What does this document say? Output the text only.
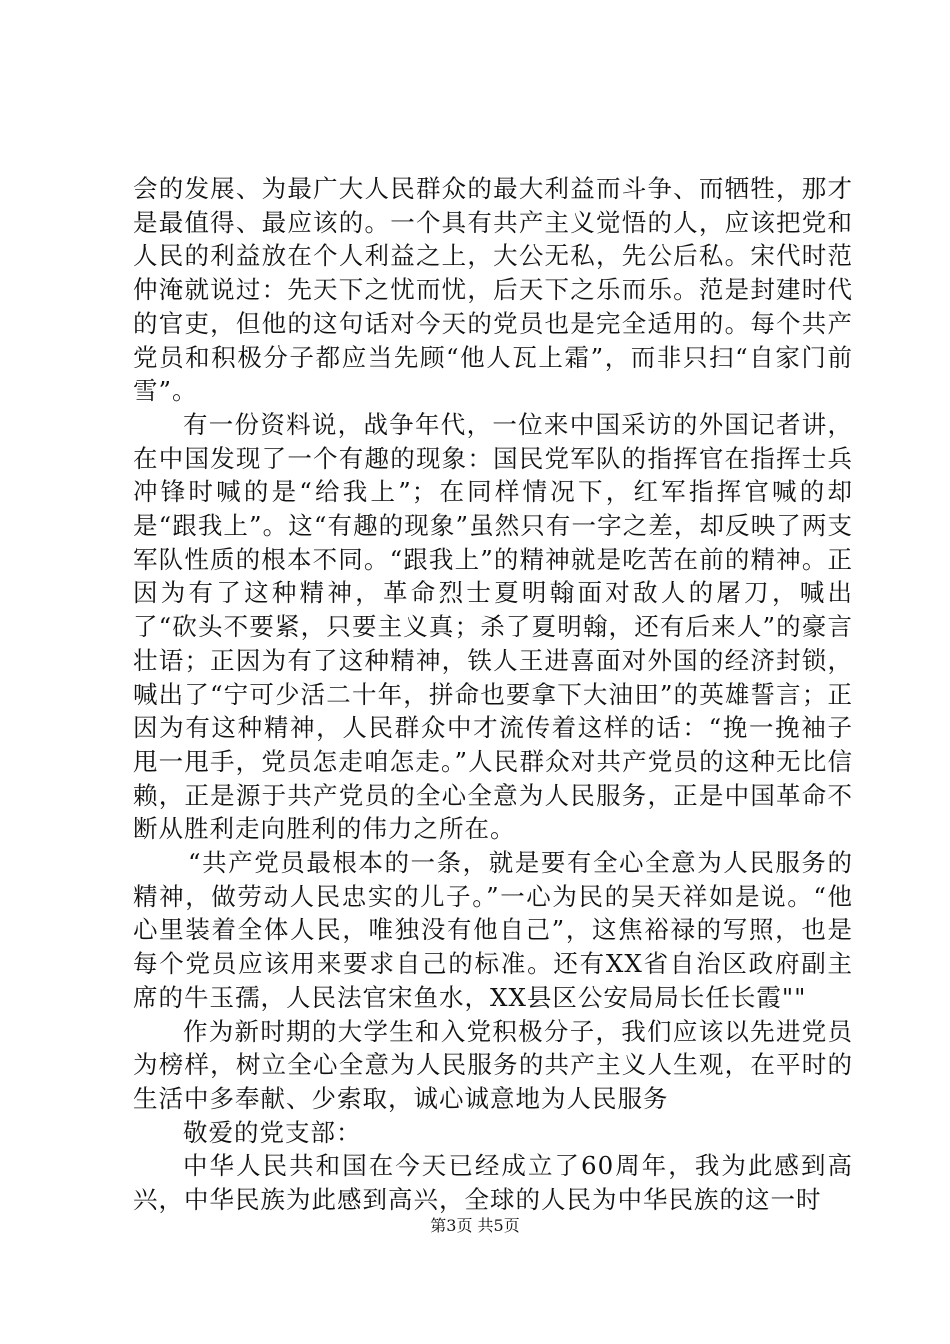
会的发展、为最广大人民群众的最大利益而斗争、而牺牲，那才是最值得、最应该的。一个具有共产主义觉悟的人，应该把党和人民的利益放在个人利益之上，大公无私，先公后私。宋代时范仲淹就说过：先天下之忧而忧，后天下之乐而乐。范是封建时代的官吏，但他的这句话对今天的党员也是完全适用的。每个共产党员和积极分子都应当先顾“他人瓦上霜”，而非只扫“自家门前雪”。

有一份资料说，战争年代，一位来中国采访的外国记者讲，在中国发现了一个有趣的现象：国民党军队的指挥官在指挥士兵冲锋时喊的是“给我上”；在同样情况下，红军指挥官喊的却是“跟我上”。这“有趣的现象”虽然只有一字之差，却反映了两支军队性质的根本不同。“跟我上”的精神就是吃苦在前的精神。正因为有了这种精神，革命烈士夏明翰面对敌人的屠刀，喊出了“砍头不要紧，只要主义真；杀了夏明翰，还有后来人”的豪言壮语；正因为有了这种精神，铁人王进喜面对外国的经济封锁，喊出了“宁可少活二十年，拼命也要拿下大油田”的英雄誓言；正因为有这种精神，人民群众中才流传着这样的话：“挽一挽袖子甩一甩手，党员怎走咱怎走。”人民群众对共产党员的这种无比信赖，正是源于共产党员的全心全意为人民服务，正是中国革命不断从胜利走向胜利的伟力之所在。

“共产党员最根本的一条，就是要有全心全意为人民服务的精神，做劳动人民忠实的儿子。”一心为民的吴天祥如是说。“他心里装着全体人民，唯独没有他自己”，这焦裕禄的写照，也是每个党员应该用来要求自己的标准。还有XX省自治区政府副主席的牛玉孺，人民法官宋鱼水，XX县区公安局局长任长霞""

作为新时期的大学生和入党积极分子，我们应该以先进党员为榜样，树立全心全意为人民服务的共产主义人生观，在平时的生活中多奉献、少索取，诚心诚意地为人民服务

敬爱的党支部：

中华人民共和国在今天已经成立了60周年，我为此感到高兴，中华民族为此感到高兴，全球的人民为中华民族的这一时

第3页 共5页
